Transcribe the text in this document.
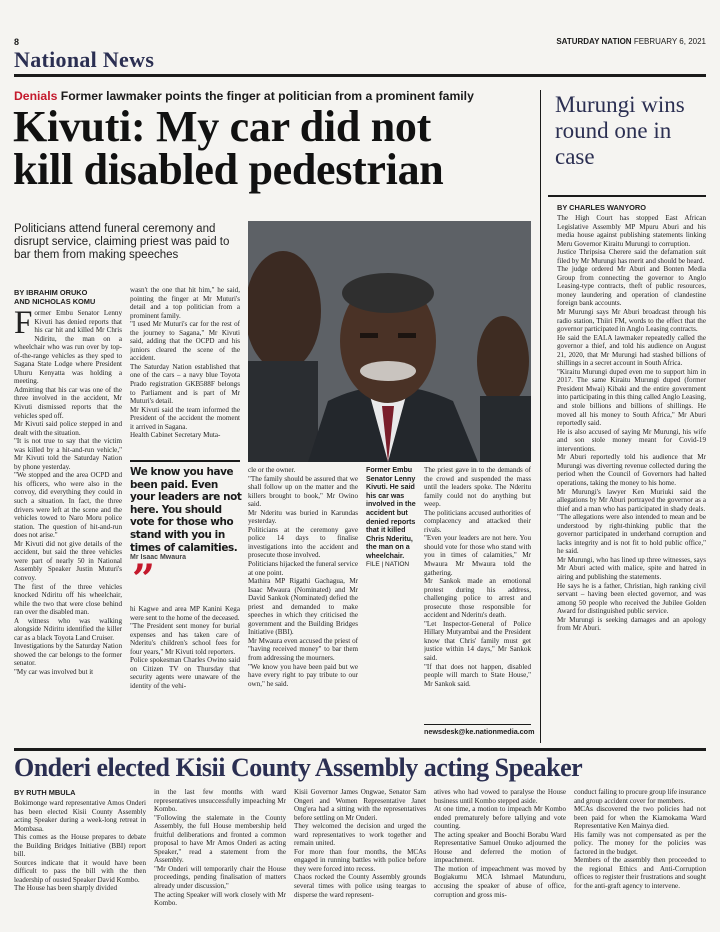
8	SATURDAY NATION FEBRUARY 6, 2021
National News
Denials Former lawmaker points the finger at politician from a prominent family
Kivuti: My car did not
kill disabled pedestrian
Politicians attend funeral ceremony and disrupt service, claiming priest was paid to bar them from making speeches
BY IBRAHIM ORUKO
AND NICHOLAS KOMU
F ormer Embu Senator Lenny Kivuti has denied reports that his car hit and killed Mr Chris Ndiritu, the man on a wheelchair who was run over by top-of-the-range vehicles as they sped to Sagana State Lodge where President Uhuru Kenyatta was holding a meeting.
Admitting that his car was one of the three involved in the accident, Mr Kivuti dismissed reports that the vehicles sped off.
Mr Kivuti said police stepped in and dealt with the situation.
"It is not true to say that the victim was killed by a hit-and-run vehicle," Mr Kivuti told the Saturday Nation by phone yesterday.
"We stopped and the area OCPD and his officers, who were also in the convoy, did everything they could in such a situation. In fact, the three drivers were left at the scene and the vehicles towed to Naro Moru police station. The question of hit-and-run does not arise."
Mr Kivuti did not give details of the accident, but said the three vehicles were part of nearly 50 in National Assembly Speaker Justin Muturi's convoy.
The first of the three vehicles knocked Ndiritu off his wheelchair, while the two that were close behind ran over the disabled man.
A witness who was walking alongside Ndiritu identified the killer car as a black Toyota Land Cruiser.
Investigations by the Saturday Nation showed the car belongs to the former senator.
"My car was involved but it
wasn't the one that hit him," he said, pointing the finger at Mr Muturi's detail and a top politician from a prominent family.
"I used Mr Muturi's car for the rest of the journey to Sagana," Mr Kivuti said, adding that the OCPD and his juniors cleared the scene of the accident.
The Saturday Nation established that one of the cars – a navy blue Toyota Prado registration GKB588F belongs to Parliament and is part of Mr Muturi's detail.
Mr Kivuti said the team informed the President of the accident the moment it arrived in Sagana.
Health Cabinet Secretary Muta-
We know you have been paid. Even your leaders are not here. You should vote for those who stand with you in times of calamities.
Mr Isaac Mwaura
”
hi Kagwe and area MP Kanini Kega were sent to the home of the deceased.
"The President sent money for burial expenses and has taken care of Nderitu's children's school fees for four years," Mr Kivuti told reporters.
Police spokesman Charles Owino said on Citizen TV on Thursday that security agents were unaware of the identity of the vehi-
cle or the owner.
"The family should be assured that we shall follow up on the matter and the killers brought to book," Mr Owino said.
Mr Nderitu was buried in Karundas yesterday.
Politicians at the ceremony gave police 14 days to finalise investigations into the accident and prosecute those involved.
Politicians hijacked the funeral service at one point.
Mathira MP Rigathi Gachagua, Mr Isaac Mwaura (Nominated) and Mr David Sankok (Nominated) defied the priest and demanded to make speeches in which they criticised the government and the Building Bridges Initiative (BBI).
Mr Mwaura even accused the priest of "having received money" to bar them from addressing the mourners.
"We know you have been paid but we have every right to pay tribute to our own," he said.
Former Embu Senator Lenny Kivuti. He said his car was involved in the accident but denied reports that it killed Chris Nderitu, the man on a wheelchair.
FILE | NATION
The priest gave in to the demands of the crowd and suspended the mass until the leaders spoke. The Nderitu family could not do anything but weep.
The politicians accused authorities of complacency and attacked their rivals.
"Even your leaders are not here. You should vote for those who stand with you in times of calamities," Mr Mwaura Mr Mwaura told the gathering.
Mr Sankok made an emotional protest during his address, challenging police to arrest and prosecute those responsible for accident and Nderitu's death.
"Let Inspector-General of Police Hillary Mutyambai and the President know that Chris' family must get justice within 14 days," Mr Sankok said.
"If that does not happen, disabled people will march to State House," Mr Sankok said.
newsdesk@ke.nationmedia.com
Murungi wins round one in case
BY CHARLES WANYORO
The High Court has stopped East African Legislative Assembly MP Mpuru Aburi and his media house against publishing statements linking Meru Governor Kiraitu Murungi to corruption.
Justice Thripsisa Cherere said the defamation suit filed by Mr Murungi has merit and should be heard.
The judge ordered Mr Aburi and Bonten Media Group from connecting the governor to Anglo Leasing-type contracts, theft of public resources, money laundering and operation of clandestine foreign bank accounts.
Mr Murungi says Mr Aburi broadcast through his radio station, Thiiri FM, words to the effect that the governor participated in Anglo Leasing contracts.
He said the EALA lawmaker repeatedly called the governor a thief, and told his audience on August 21, 2020, that Mr Murungi had stashed billions of shillings in a secret account in South Africa.
"Kiraitu Murungi duped even me to support him in 2017. The same Kiraitu Murungi duped (former President Mwai) Kibaki and the entire government into participating in this thing called Anglo Leasing, and stole billions and billions of shillings. He moved all his money to South Africa," Mr Aburi reportedly said.
He is also accused of saying Mr Murungi, his wife and son stole money meant for Covid-19 interventions.
Mr Aburi reportedly told his audience that Mr Murungi was diverting revenue collected during the period when the Council of Governors had halted operations, taking the money to his home.
Mr Murungi's lawyer Ken Muriuki said the allegations by Mr Aburi portrayed the governor as a thief and a man who has participated in shady deals.
"The allegations were also intended to mean and be understood by right-thinking public that the governor participated in underhand corruption and lacks integrity and is not fit to hold public office," he said.
Mr Murungi, who has lined up three witnesses, says Mr Aburi acted with malice, spite and hatred in airing and publishing the statements.
He says he is a father, Christian, high ranking civil servant – having been elected governor, and was among 50 people who received the Jubilee Golden Award for distinguished public service.
Mr Murungi is seeking damages and an apology from Mr Aburi.
Onderi elected Kisii County Assembly acting Speaker
BY RUTH MBULA
Bokimonge ward representative Amos Onderi has been elected Kisii County Assembly acting Speaker during a week-long retreat in Mombasa.
This comes as the House prepares to debate the Building Bridges Initiative (BBI) report bill.
Sources indicate that it would have been difficult to pass the bill with the then leadership of ousted Speaker David Kombo.
The House has been sharply divided
in the last few months with ward representatives unsuccessfully impeaching Mr Kombo.
"Following the stalemate in the County Assembly, the full House membership held fruitful deliberations and fronted a common proposal to have Mr Amos Onderi as acting Speaker," read a statement from the Assembly.
"Mr Onderi will temporarily chair the House proceedings, pending finalisation of matters already under discussion,"
The acting Speaker will work closely with Mr Kombo.
Kisii Governor James Ongwae, Senator Sam Ongeri and Women Representative Janet Ong'era had a sitting with the representatives before settling on Mr Onderi.
They welcomed the decision and urged the ward representatives to work together and remain united.
For more than four months, the MCAs engaged in running battles with police before they were forced into recess.
Chaos rocked the County Assembly grounds several times with police using teargas to disperse the ward represent-
atives who had vowed to paralyse the House business until Kombo stepped aside.
At one time, a motion to impeach Mr Kombo ended prematurely before tallying and vote counting.
The acting speaker and Boochi Borabu Ward Representative Samuel Onuko adjourned the House and deferred the motion of impeachment.
The motion of impeachment was moved by Bogiakumu MCA Ishmael Matunduru, accusing the speaker of abuse of office, corruption and gross mis-
conduct failing to procure group life insurance and group accident cover for members.
MCAs discovered the two policies had not been paid for when the Kiamokama Ward Representative Ken Mainya died.
His family was not compensated as per the policy. The money for the policies was factored in the budget.
Members of the assembly then proceeded to the regional Ethics and Anti-Corruption offices to register their frustrations and sought for the anti-graft agency to intervene.
